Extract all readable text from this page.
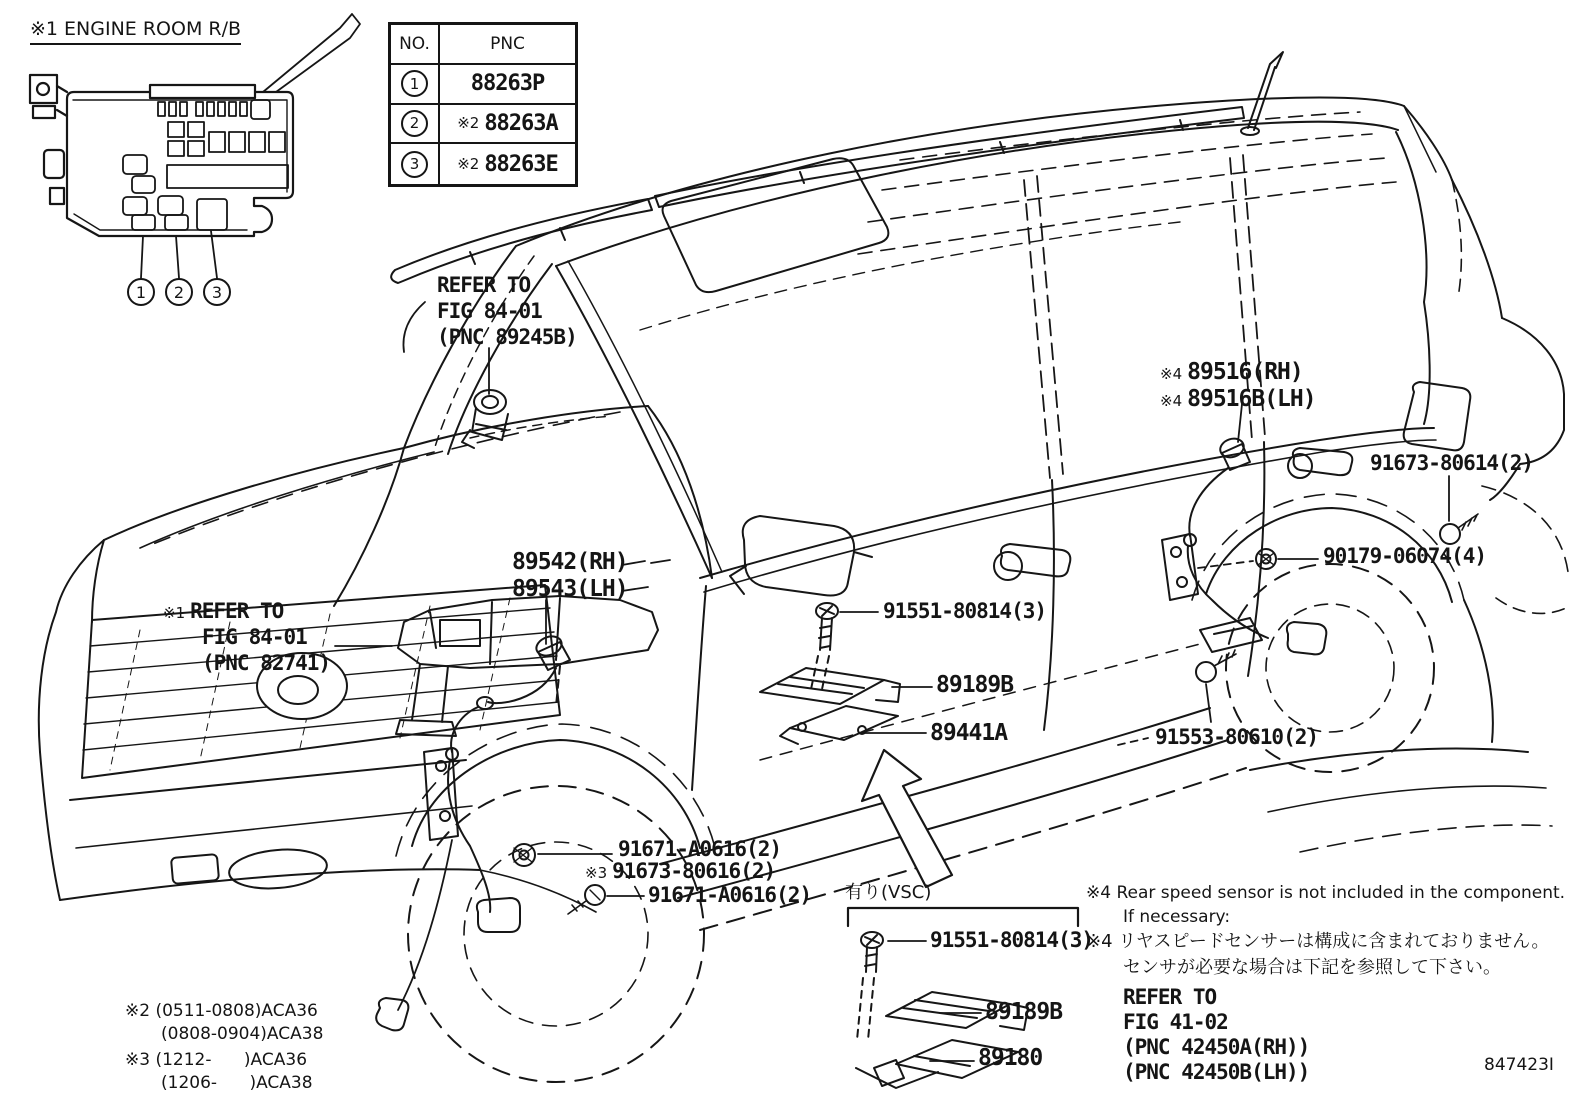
※1 ENGINE ROOM R/B
1 2 3
NO.	PNC
1 88263P
2	※2 88263A
3	※2 88263E
REFER TO
FIG 84-01
(PNC 89245B)
※4 89516(RH)
※4 89516B(LH)
91673-80614(2)
89542(RH)
89543(LH)
90179-06074(4)
※1 REFER TO
FIG 84-01
(PNC 82741)
91551-80814(3)
89189B
89441A	91553-80610(2)
91671-A0616(2)
※3 91673-80616(2)
91671-A0616(2) 有り(VSC)
91551-80814(3)
89189B
89180
※4 Rear speed sensor is not included in the component.
If necessary:
※4 リヤスピードセンサーは構成に含まれておりません。
センサが必要な場合は下記を参照して下さい。
REFER TO
FIG 41-02
(PNC 42450A(RH))
(PNC 42450B(LH))
※2 (0511-0808)ACA36
(0808-0904)ACA38
※3 (1212-      )ACA36
(1206-      )ACA38
847423I
